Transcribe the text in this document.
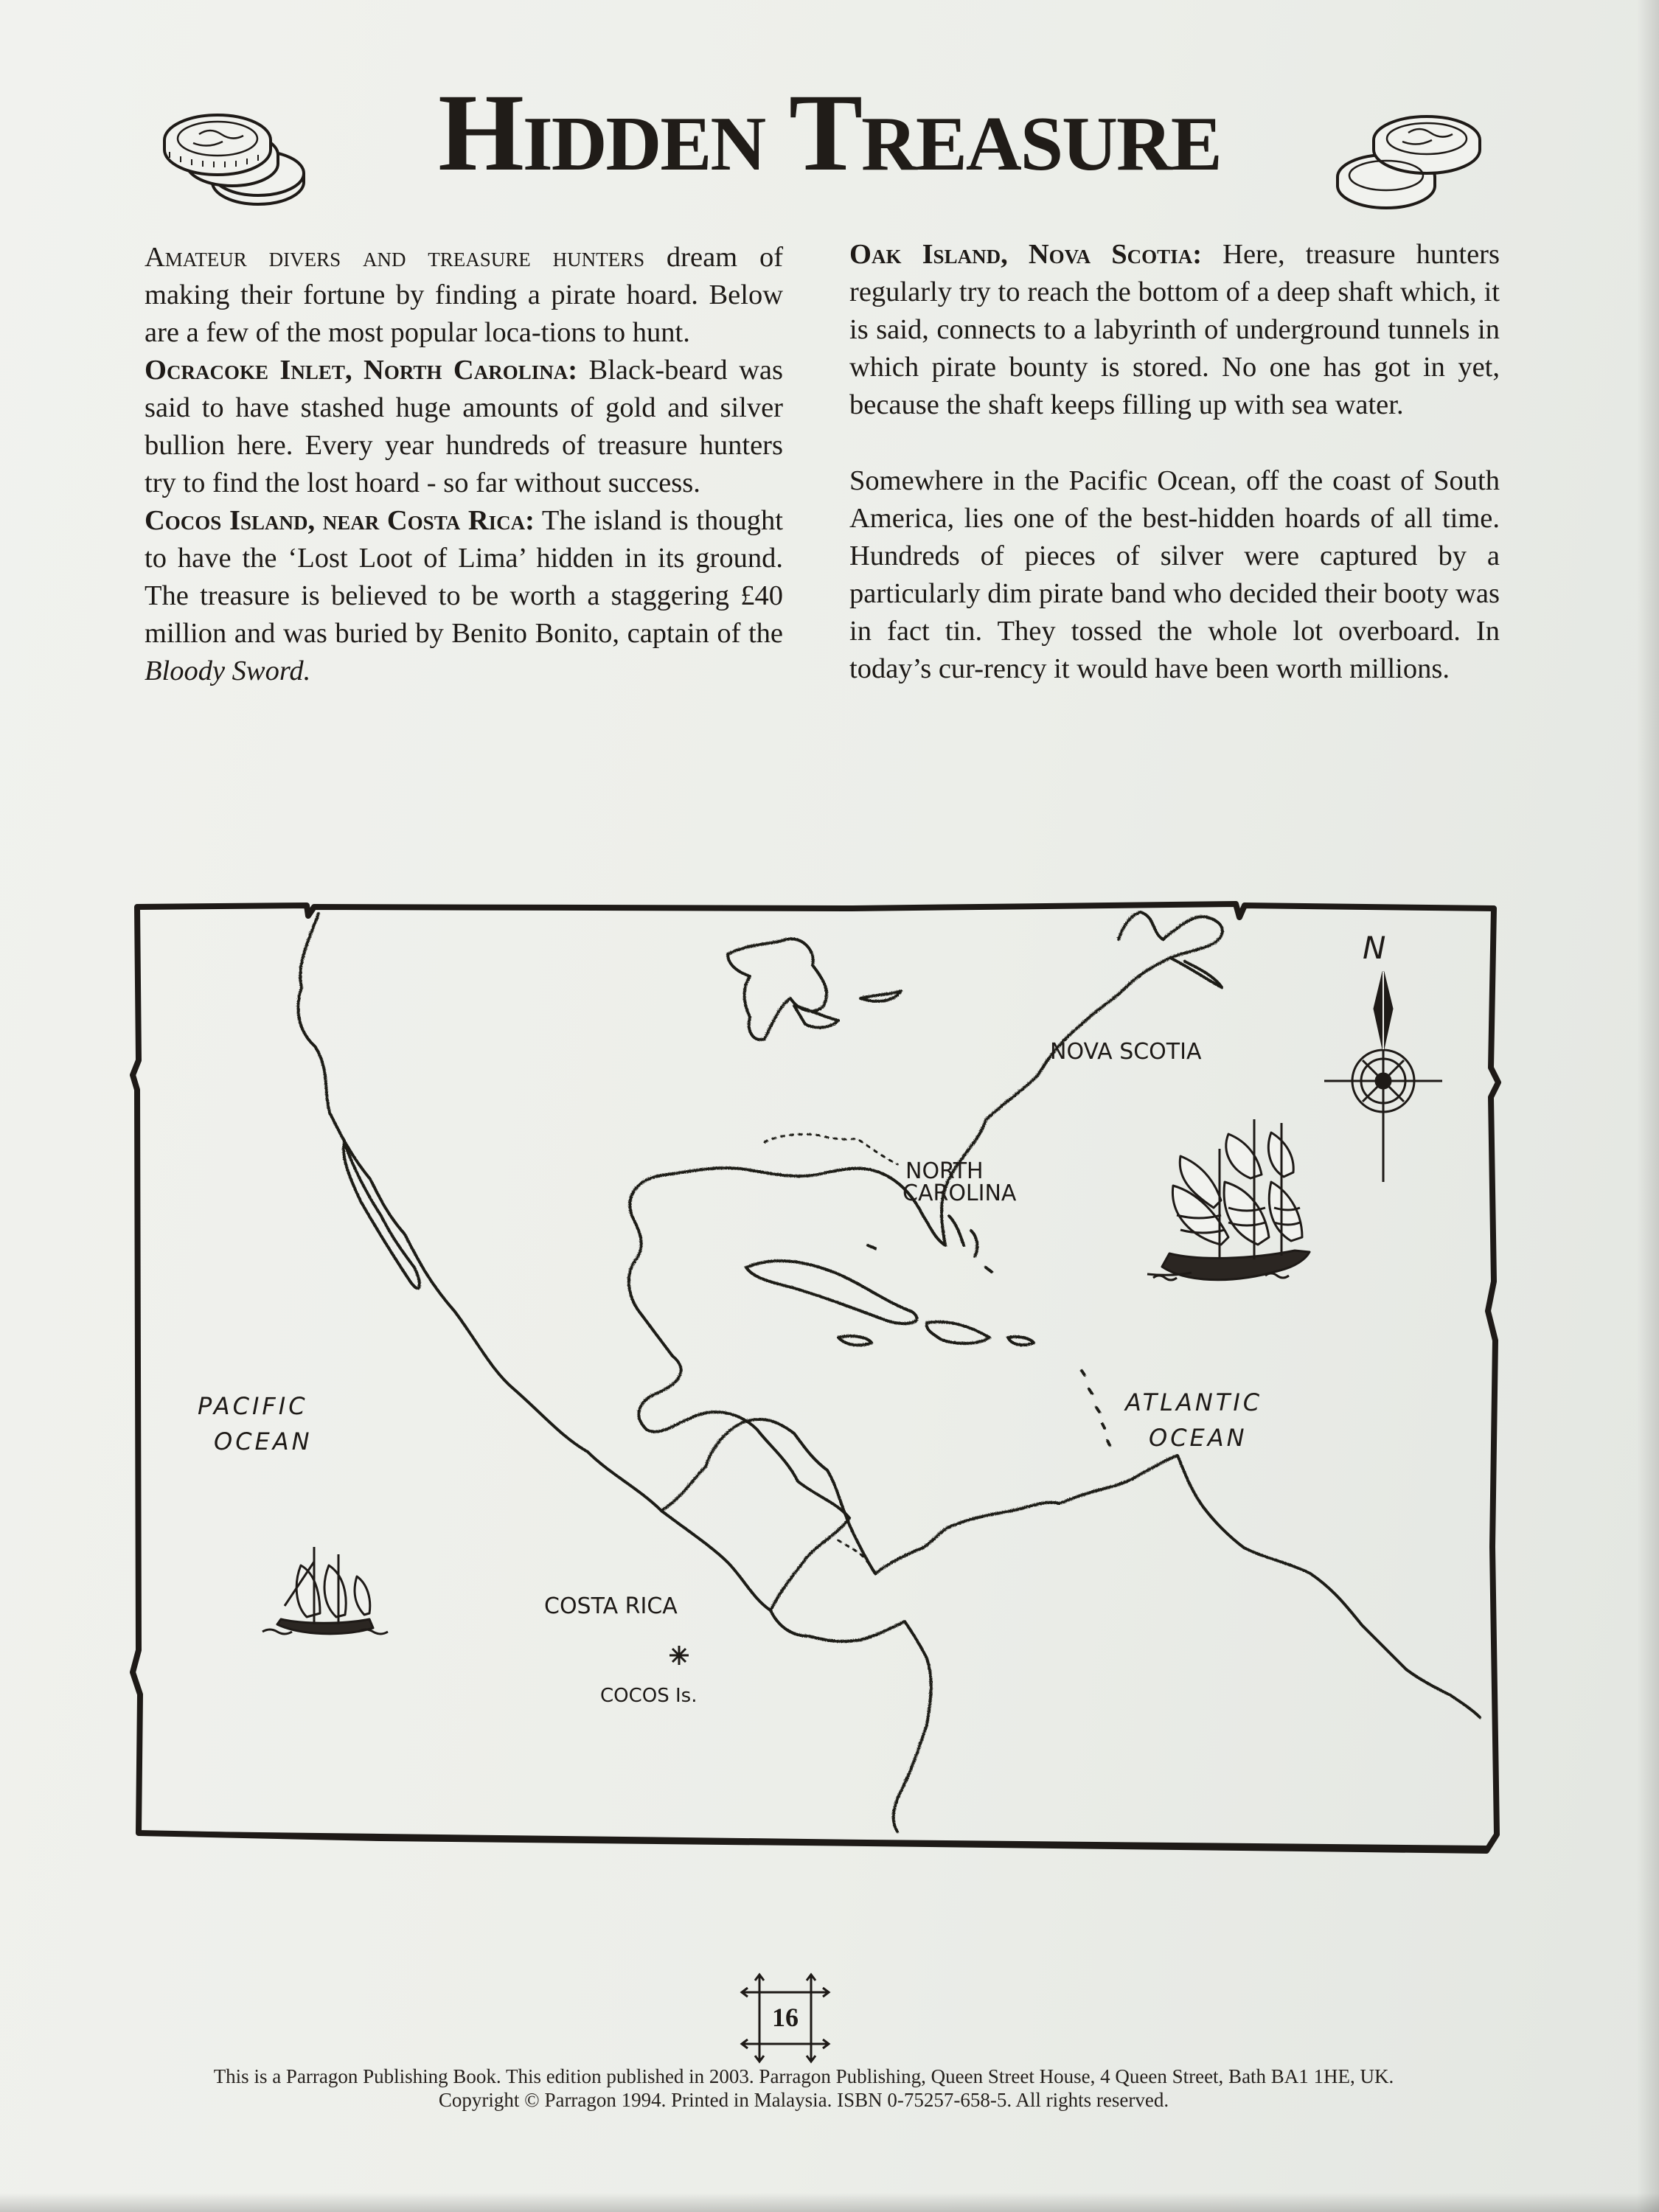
Hidden Treasure

Amateur divers and treasure hunters dream of making their fortune by finding a pirate hoard. Below are a few of the most popular loca-tions to hunt.

Ocracoke Inlet, North Carolina: Black-beard was said to have stashed huge amounts of gold and silver bullion here. Every year hundreds of treasure hunters try to find the lost hoard - so far without success.

Cocos Island, near Costa Rica: The island is thought to have the ‘Lost Loot of Lima’ hidden in its ground. The treasure is believed to be worth a staggering £40 million and was buried by Benito Bonito, captain of the Bloody Sword.

Oak Island, Nova Scotia: Here, treasure hunters regularly try to reach the bottom of a deep shaft which, it is said, connects to a labyrinth of underground tunnels in which pirate bounty is stored. No one has got in yet, because the shaft keeps filling up with sea water.

Somewhere in the Pacific Ocean, off the coast of South America, lies one of the best-hidden hoards of all time. Hundreds of pieces of silver were captured by a particularly dim pirate band who decided their booty was in fact tin. They tossed the whole lot overboard. In today’s cur-rency it would have been worth millions.

NOVA SCOTIA
NORTH
CAROLINA
PACIFIC
OCEAN
ATLANTIC
OCEAN
COSTA RICA
COCOS Is.
N
16
This is a Parragon Publishing Book. This edition published in 2003. Parragon Publishing, Queen Street House, 4 Queen Street, Bath BA1 1HE, UK.
Copyright © Parragon 1994. Printed in Malaysia. ISBN 0-75257-658-5. All rights reserved.
